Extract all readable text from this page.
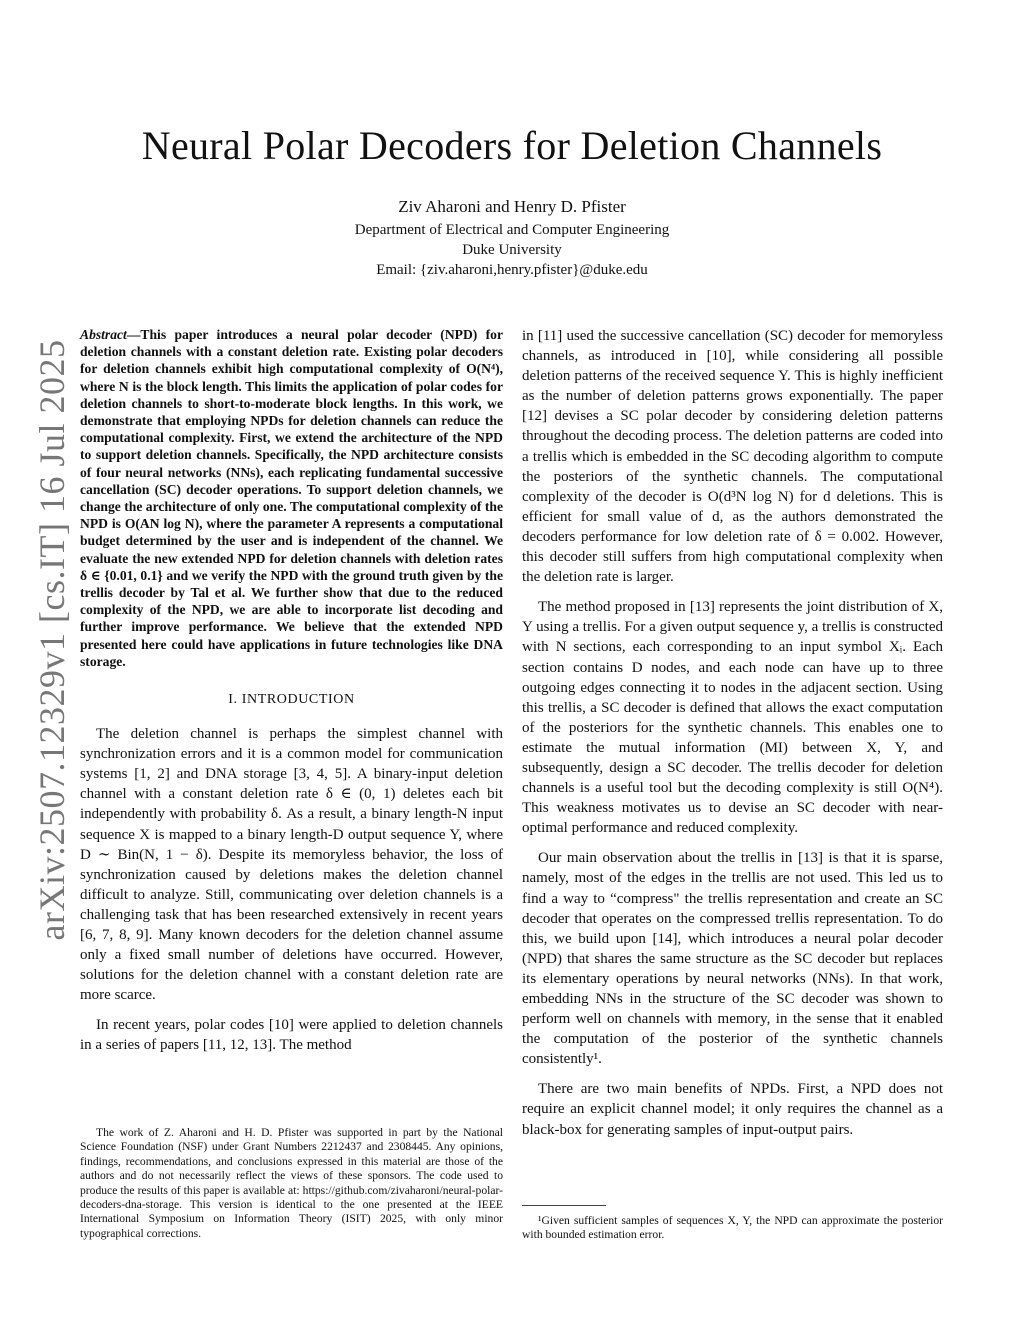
arXiv:2507.12329v1 [cs.IT] 16 Jul 2025
Neural Polar Decoders for Deletion Channels
Ziv Aharoni and Henry D. Pfister
Department of Electrical and Computer Engineering
Duke University
Email: {ziv.aharoni,henry.pfister}@duke.edu
Abstract—This paper introduces a neural polar decoder (NPD) for deletion channels with a constant deletion rate. Existing polar decoders for deletion channels exhibit high computational complexity of O(N⁴), where N is the block length. This limits the application of polar codes for deletion channels to short-to-moderate block lengths. In this work, we demonstrate that employing NPDs for deletion channels can reduce the computational complexity. First, we extend the architecture of the NPD to support deletion channels. Specifically, the NPD architecture consists of four neural networks (NNs), each replicating fundamental successive cancellation (SC) decoder operations. To support deletion channels, we change the architecture of only one. The computational complexity of the NPD is O(AN log N), where the parameter A represents a computational budget determined by the user and is independent of the channel. We evaluate the new extended NPD for deletion channels with deletion rates δ ∈ {0.01, 0.1} and we verify the NPD with the ground truth given by the trellis decoder by Tal et al. We further show that due to the reduced complexity of the NPD, we are able to incorporate list decoding and further improve performance. We believe that the extended NPD presented here could have applications in future technologies like DNA storage.
I. INTRODUCTION

The deletion channel is perhaps the simplest channel with synchronization errors and it is a common model for communication systems [1, 2] and DNA storage [3, 4, 5]. A binary-input deletion channel with a constant deletion rate δ ∈ (0, 1) deletes each bit independently with probability δ. As a result, a binary length-N input sequence X is mapped to a binary length-D output sequence Y, where D ∼ Bin(N, 1 − δ). Despite its memoryless behavior, the loss of synchronization caused by deletions makes the deletion channel difficult to analyze. Still, communicating over deletion channels is a challenging task that has been researched extensively in recent years [6, 7, 8, 9]. Many known decoders for the deletion channel assume only a fixed small number of deletions have occurred. However, solutions for the deletion channel with a constant deletion rate are more scarce.

In recent years, polar codes [10] were applied to deletion channels in a series of papers [11, 12, 13]. The method

in [11] used the successive cancellation (SC) decoder for memoryless channels, as introduced in [10], while considering all possible deletion patterns of the received sequence Y. This is highly inefficient as the number of deletion patterns grows exponentially. The paper [12] devises a SC polar decoder by considering deletion patterns throughout the decoding process. The deletion patterns are coded into a trellis which is embedded in the SC decoding algorithm to compute the posteriors of the synthetic channels. The computational complexity of the decoder is O(d³N log N) for d deletions. This is efficient for small value of d, as the authors demonstrated the decoders performance for low deletion rate of δ = 0.002. However, this decoder still suffers from high computational complexity when the deletion rate is larger.

The method proposed in [13] represents the joint distribution of X, Y using a trellis. For a given output sequence y, a trellis is constructed with N sections, each corresponding to an input symbol Xᵢ. Each section contains D nodes, and each node can have up to three outgoing edges connecting it to nodes in the adjacent section. Using this trellis, a SC decoder is defined that allows the exact computation of the posteriors for the synthetic channels. This enables one to estimate the mutual information (MI) between X, Y, and subsequently, design a SC decoder. The trellis decoder for deletion channels is a useful tool but the decoding complexity is still O(N⁴). This weakness motivates us to devise an SC decoder with near-optimal performance and reduced complexity.

Our main observation about the trellis in [13] is that it is sparse, namely, most of the edges in the trellis are not used. This led us to find a way to “compress" the trellis representation and create an SC decoder that operates on the compressed trellis representation. To do this, we build upon [14], which introduces a neural polar decoder (NPD) that shares the same structure as the SC decoder but replaces its elementary operations by neural networks (NNs). In that work, embedding NNs in the structure of the SC decoder was shown to perform well on channels with memory, in the sense that it enabled the computation of the posterior of the synthetic channels consistently¹.

There are two main benefits of NPDs. First, a NPD does not require an explicit channel model; it only requires the channel as a black-box for generating samples of input-output pairs.

The work of Z. Aharoni and H. D. Pfister was supported in part by the National Science Foundation (NSF) under Grant Numbers 2212437 and 2308445. Any opinions, findings, recommendations, and conclusions expressed in this material are those of the authors and do not necessarily reflect the views of these sponsors. The code used to produce the results of this paper is available at: https://github.com/zivaharoni/neural-polar-decoders-dna-storage. This version is identical to the one presented at the IEEE International Symposium on Information Theory (ISIT) 2025, with only minor typographical corrections.
¹Given sufficient samples of sequences X, Y, the NPD can approximate the posterior with bounded estimation error.
